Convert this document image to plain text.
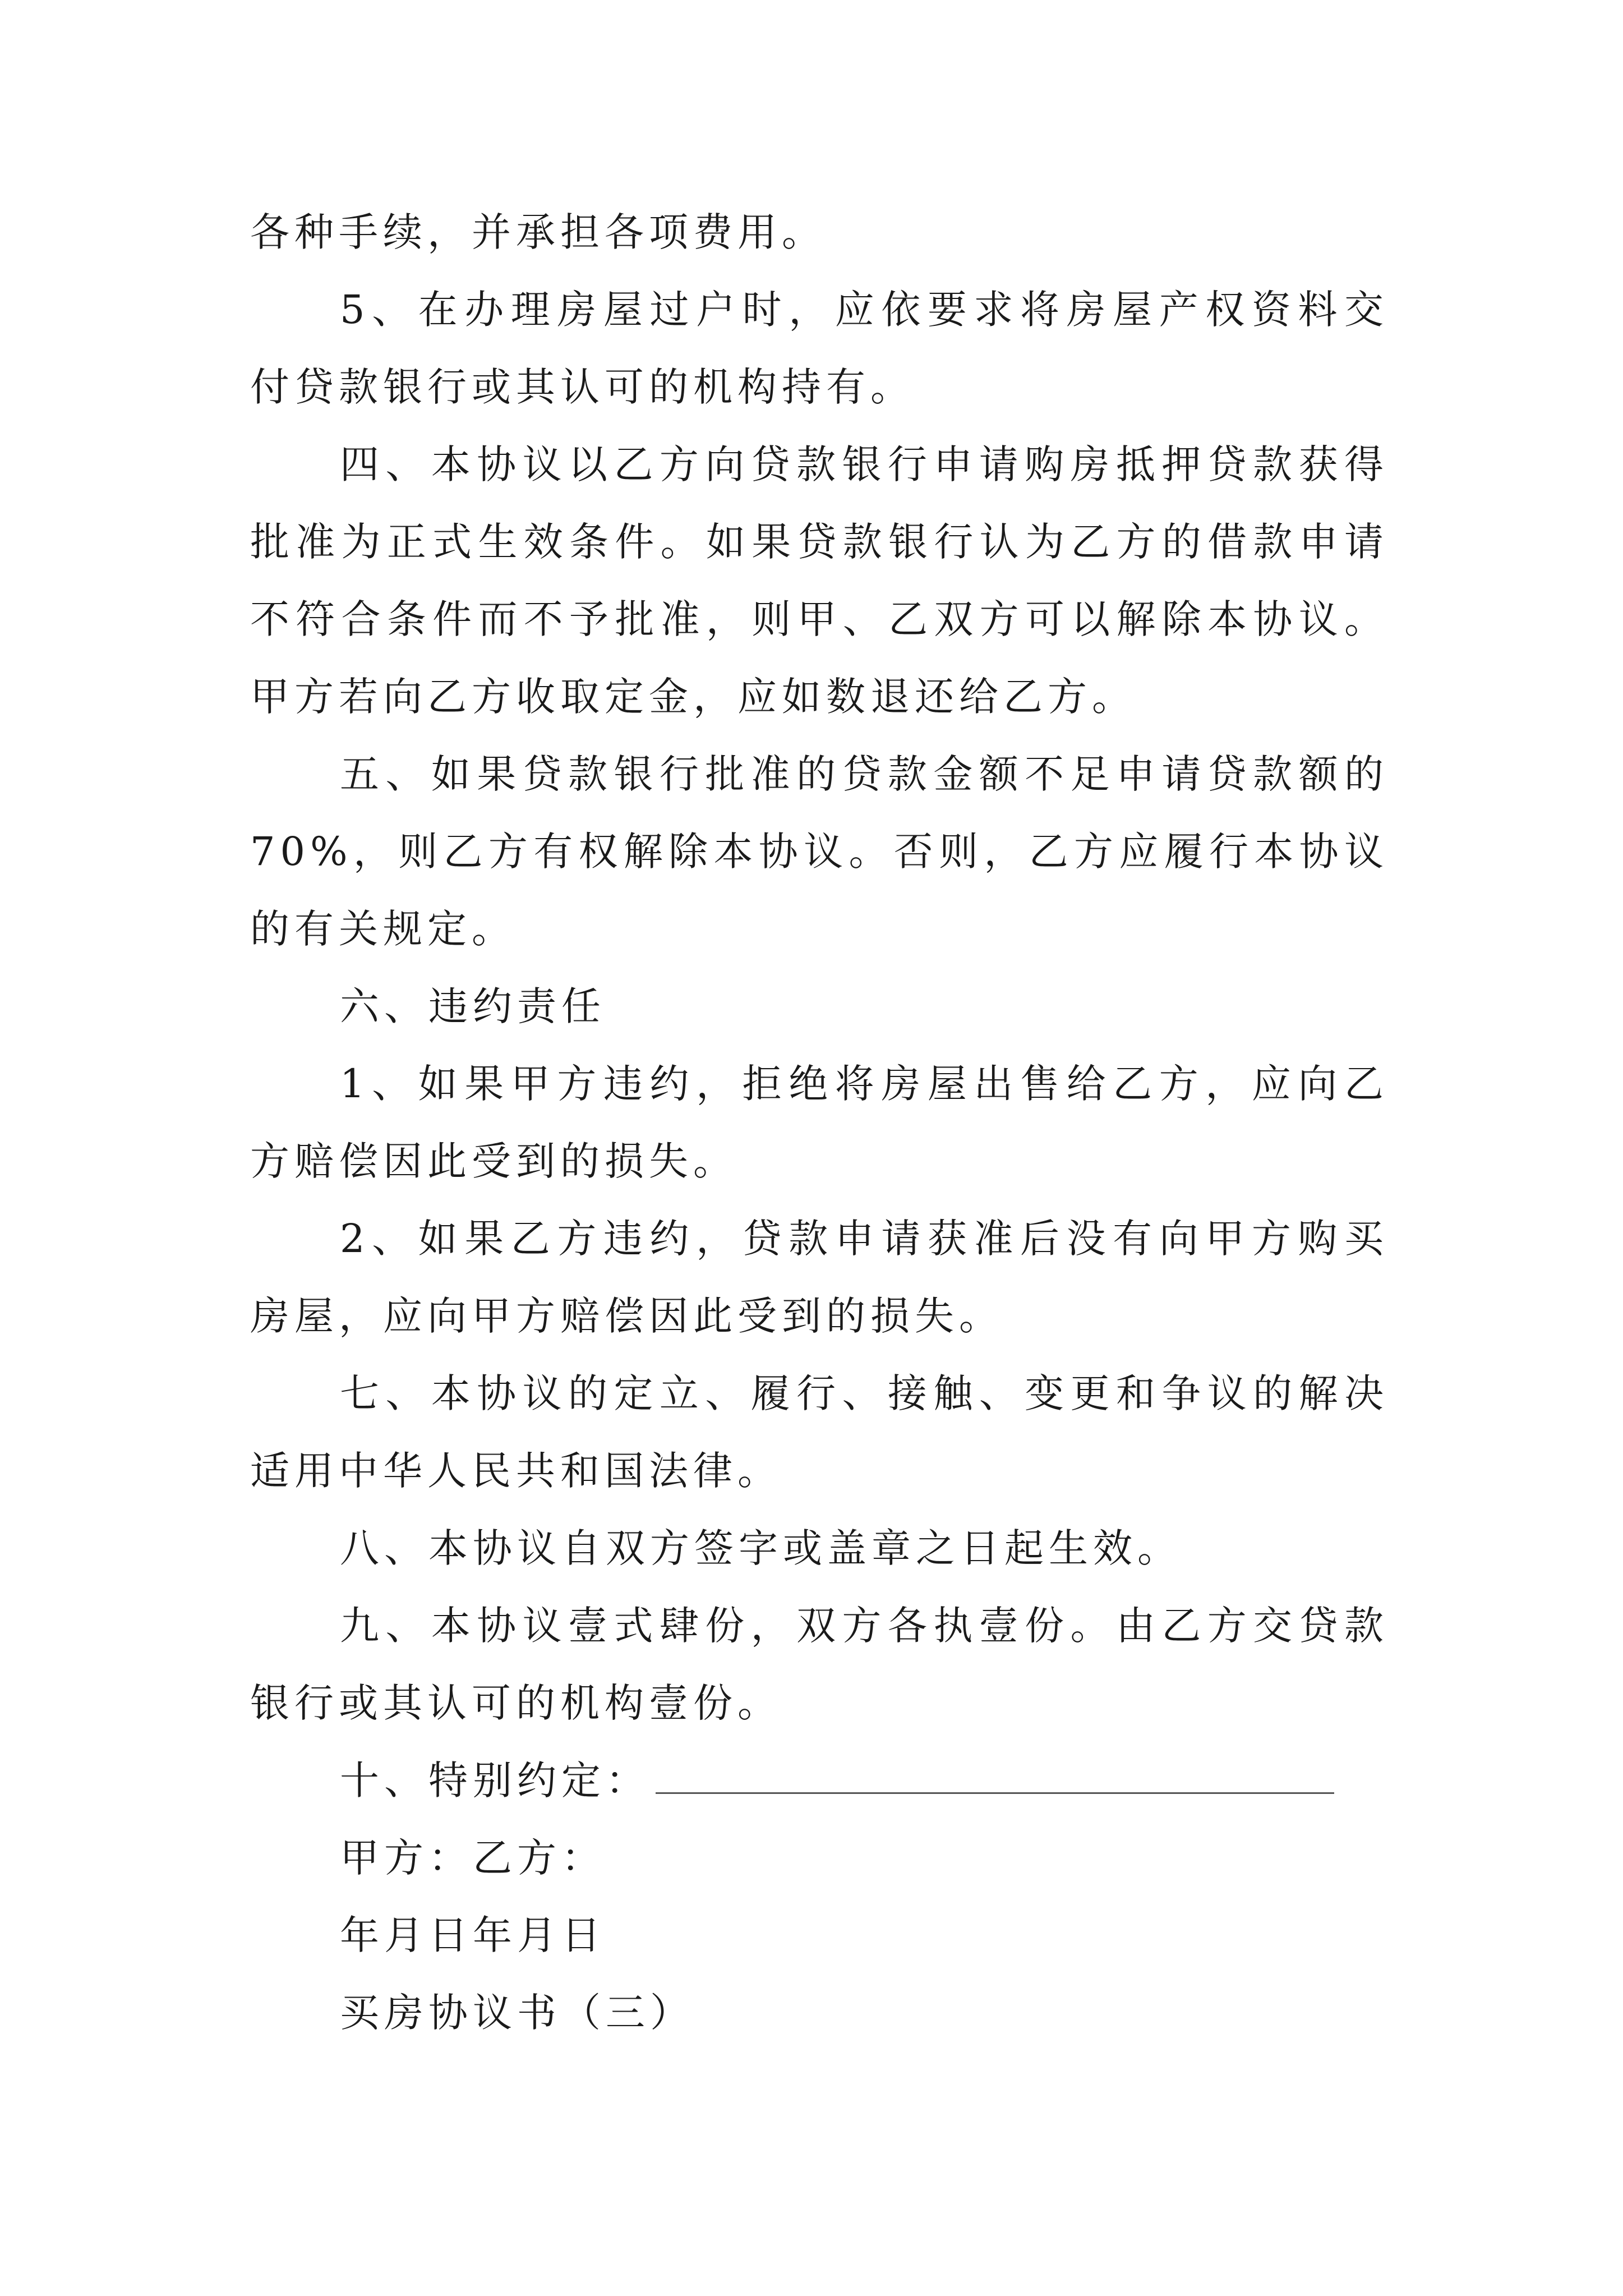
各种手续，并承担各项费用。

5、在办理房屋过户时，应依要求将房屋产权资料交付贷款银行或其认可的机构持有。

四、本协议以乙方向贷款银行申请购房抵押贷款获得批准为正式生效条件。如果贷款银行认为乙方的借款申请不符合条件而不予批准，则甲、乙双方可以解除本协议。甲方若向乙方收取定金，应如数退还给乙方。

五、如果贷款银行批准的贷款金额不足申请贷款额的70%，则乙方有权解除本协议。否则，乙方应履行本协议的有关规定。

六、违约责任

1、如果甲方违约，拒绝将房屋出售给乙方，应向乙方赔偿因此受到的损失。

2、如果乙方违约，贷款申请获准后没有向甲方购买房屋，应向甲方赔偿因此受到的损失。

七、本协议的定立、履行、接触、变更和争议的解决适用中华人民共和国法律。

八、本协议自双方签字或盖章之日起生效。

九、本协议壹式肆份，双方各执壹份。由乙方交贷款银行或其认可的机构壹份。

十、特别约定：

甲方：乙方：

年月日年月日

买房协议书（三）
